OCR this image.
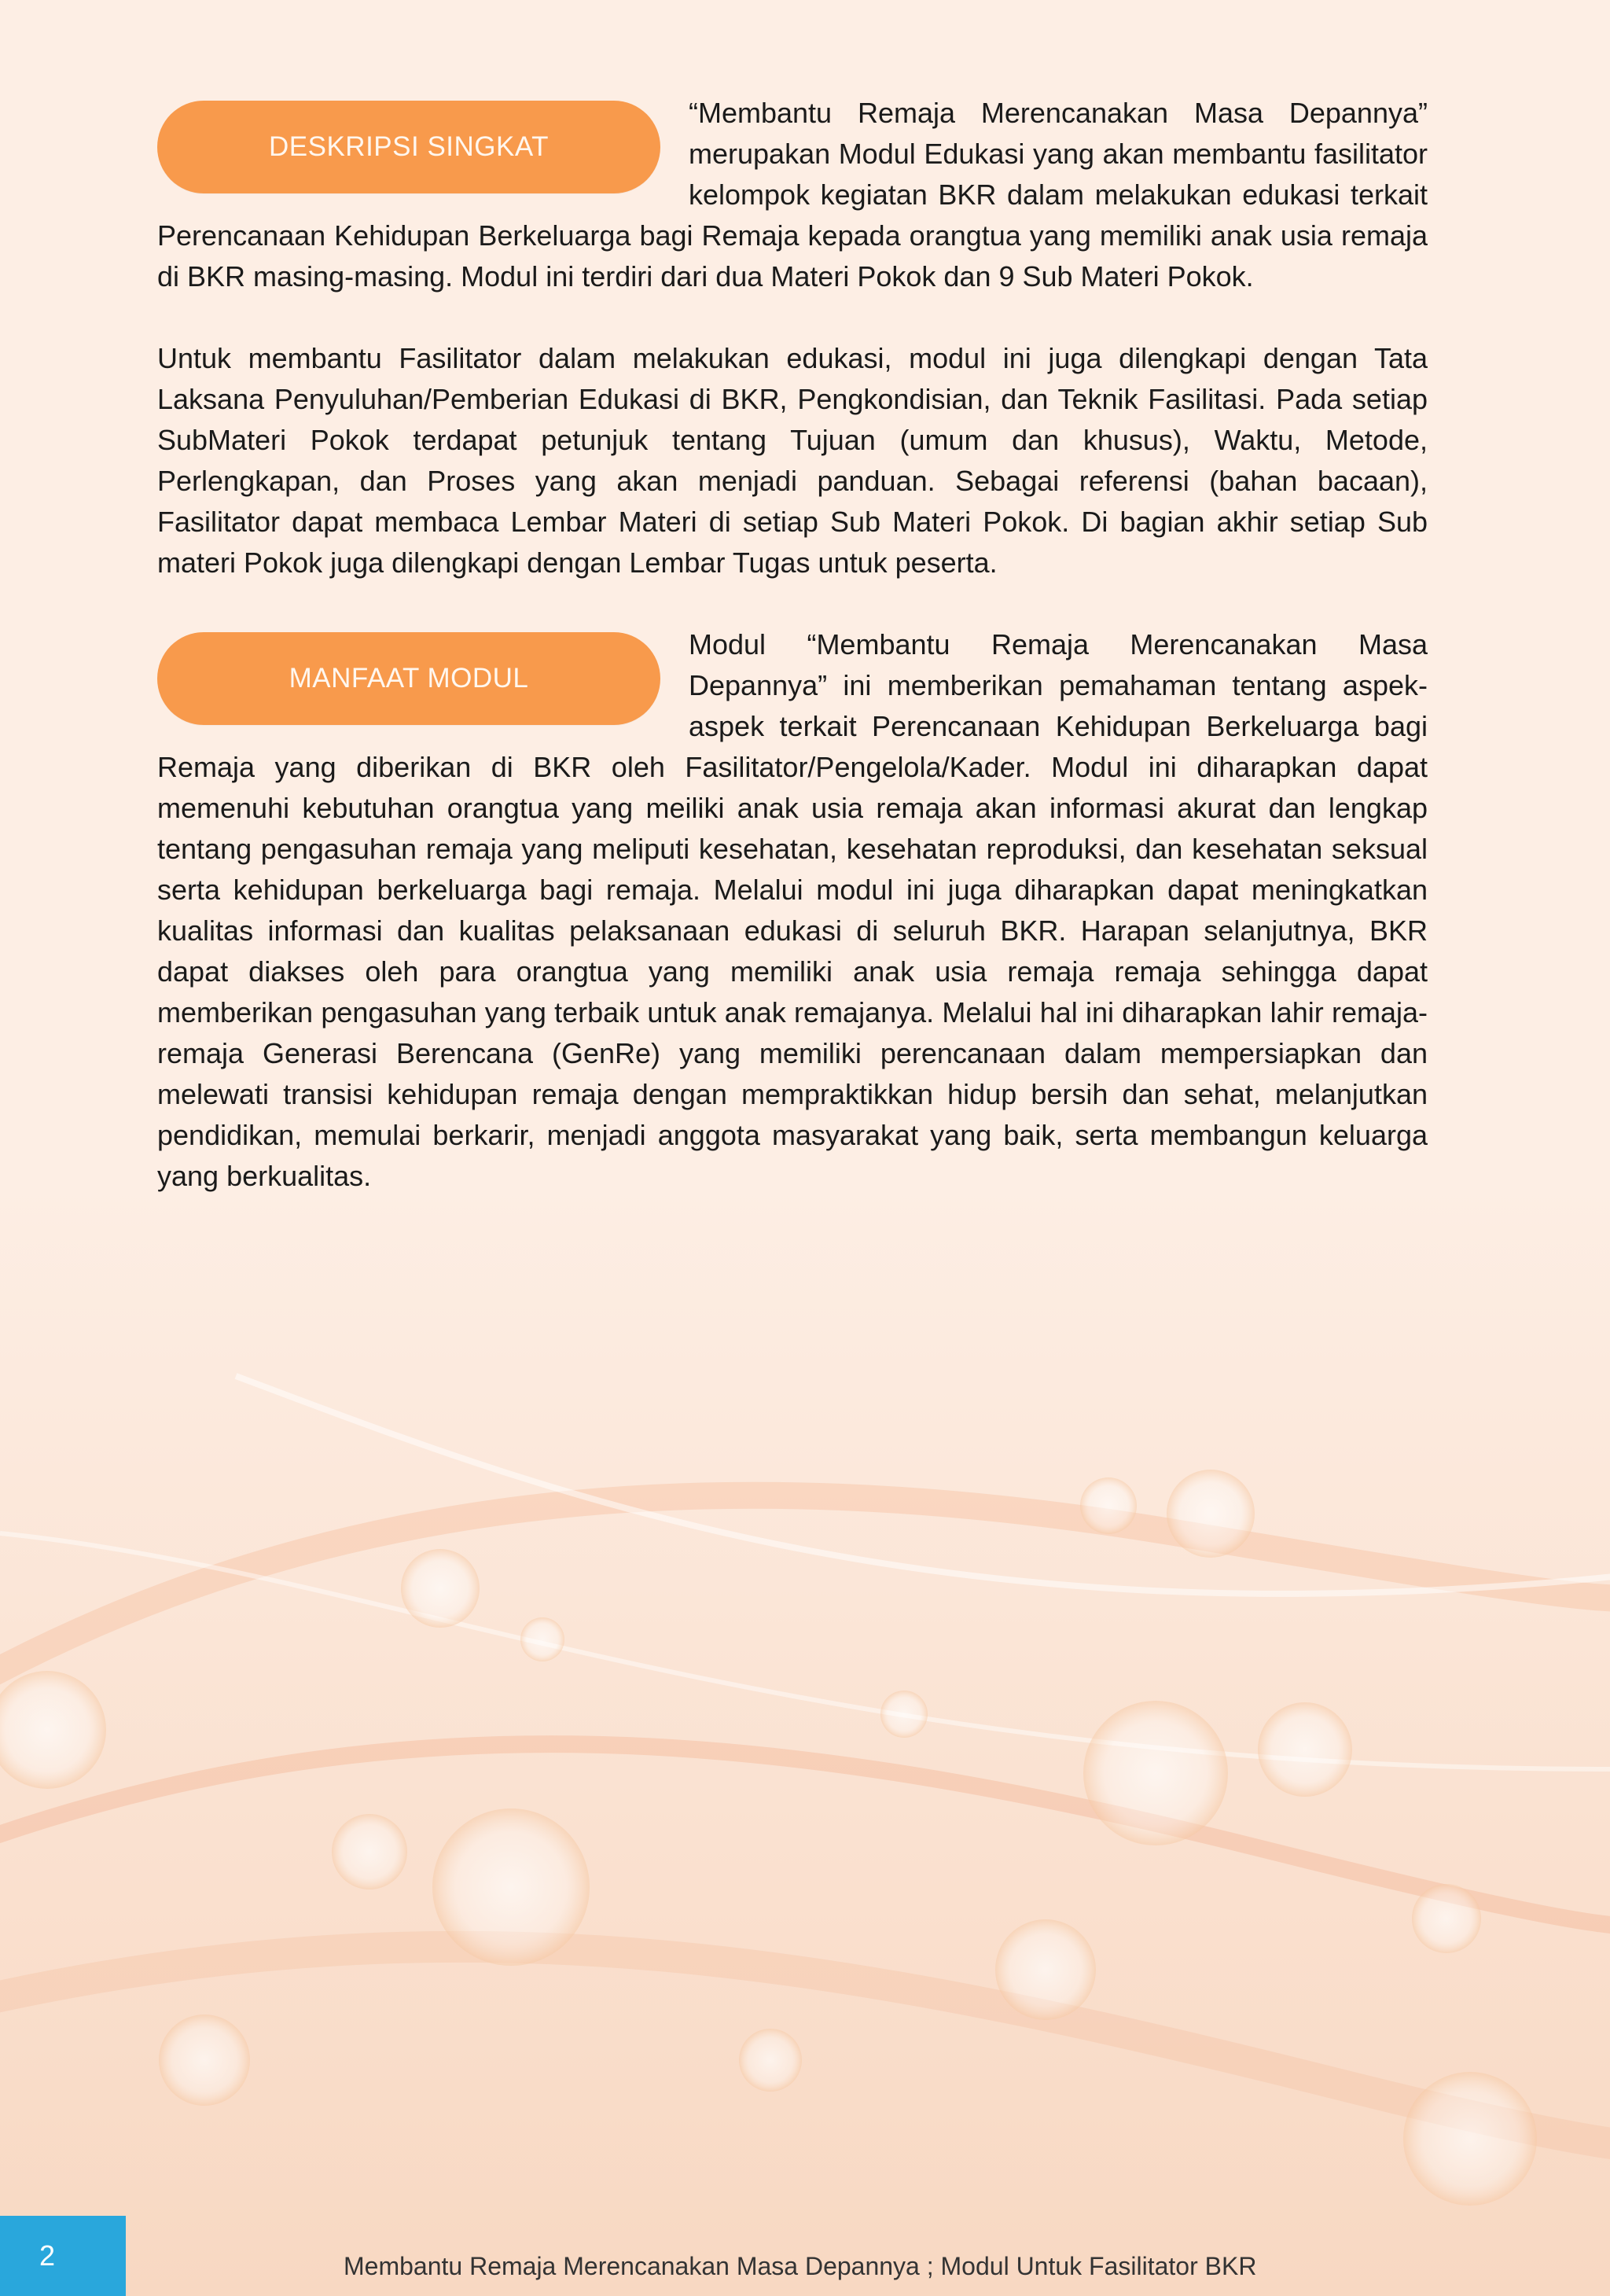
DESKRIPSI SINGKAT
“Membantu Remaja Merencanakan Masa Depannya” merupakan Modul Edukasi yang akan membantu fasilitator kelompok kegiatan BKR dalam melakukan edukasi terkait Perencanaan Kehidupan Berkeluarga bagi Remaja kepada orangtua yang memiliki anak usia remaja di BKR masing-masing. Modul ini terdiri dari dua Materi Pokok dan 9 Sub Materi Pokok.
Untuk membantu Fasilitator dalam melakukan edukasi, modul ini juga dilengkapi dengan Tata Laksana Penyuluhan/Pemberian Edukasi di BKR, Pengkondisian, dan Teknik Fasilitasi. Pada setiap SubMateri Pokok terdapat petunjuk tentang Tujuan (umum dan khusus), Waktu, Metode, Perlengkapan, dan Proses yang akan menjadi panduan. Sebagai referensi (bahan bacaan), Fasilitator dapat membaca Lembar Materi di setiap Sub Materi Pokok. Di bagian akhir setiap Sub materi Pokok juga dilengkapi dengan Lembar Tugas untuk peserta.
MANFAAT MODUL
Modul “Membantu Remaja Merencanakan Masa Depannya” ini memberikan pemahaman tentang aspek-aspek terkait Perencanaan Kehidupan Berkeluarga bagi Remaja yang diberikan di BKR oleh Fasilitator/Pengelola/Kader. Modul ini diharapkan dapat memenuhi kebutuhan orangtua yang meiliki anak usia remaja akan informasi akurat dan lengkap tentang pengasuhan remaja yang meliputi kesehatan, kesehatan reproduksi, dan kesehatan seksual serta kehidupan berkeluarga bagi remaja. Melalui modul ini juga diharapkan dapat meningkatkan kualitas informasi dan kualitas pelaksanaan edukasi di seluruh BKR. Harapan selanjutnya, BKR dapat diakses oleh para orangtua yang memiliki anak usia remaja remaja sehingga dapat memberikan pengasuhan yang terbaik untuk anak remajanya. Melalui hal ini diharapkan lahir remaja-remaja Generasi Berencana (GenRe) yang memiliki perencanaan dalam mempersiapkan dan melewati transisi kehidupan remaja dengan mempraktikkan hidup bersih dan sehat, melanjutkan pendidikan, memulai berkarir, menjadi anggota masyarakat yang baik, serta membangun keluarga yang berkualitas.
2	Membantu Remaja Merencanakan Masa Depannya ; Modul Untuk Fasilitator BKR
